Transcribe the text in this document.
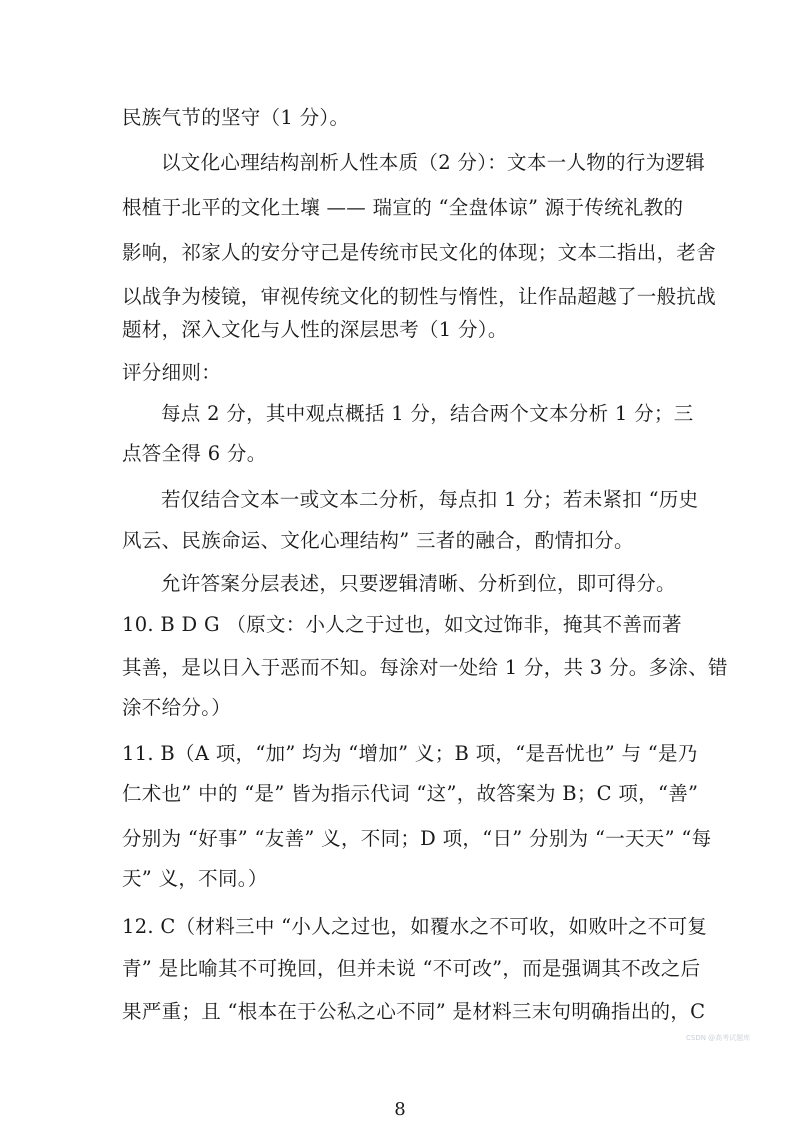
民族气节的坚守（1 分）。
以文化心理结构剖析人性本质（2 分）：文本一人物的行为逻辑
根植于北平的文化土壤 —— 瑞宣的 “全盘体谅” 源于传统礼教的
影响，祁家人的安分守己是传统市民文化的体现；文本二指出，老舍
以战争为棱镜，审视传统文化的韧性与惰性，让作品超越了一般抗战
题材，深入文化与人性的深层思考（1 分）。
评分细则：
每点 2 分，其中观点概括 1 分，结合两个文本分析 1 分；三
点答全得 6 分。
若仅结合文本一或文本二分析，每点扣 1 分；若未紧扣 “历史
风云、民族命运、文化心理结构” 三者的融合，酌情扣分。
允许答案分层表述，只要逻辑清晰、分析到位，即可得分。
10. B D G （原文：小人之于过也，如文过饰非，掩其不善而著
其善，是以日入于恶而不知。每涂对一处给 1 分，共 3 分。多涂、错
涂不给分。）
11. B（A 项，“加” 均为 “增加” 义；B 项，“是吾忧也” 与 “是乃
仁术也” 中的 “是” 皆为指示代词 “这”，故答案为 B；C 项，“善”
分别为 “好事” “友善” 义，不同；D 项，“日” 分别为 “一天天” “每
天” 义，不同。）
12. C（材料三中 “小人之过也，如覆水之不可收，如败叶之不可复
青” 是比喻其不可挽回，但并未说 “不可改”，而是强调其不改之后
果严重；且 “根本在于公私之心不同” 是材料三末句明确指出的，C
CSDN @高考试题库
8
